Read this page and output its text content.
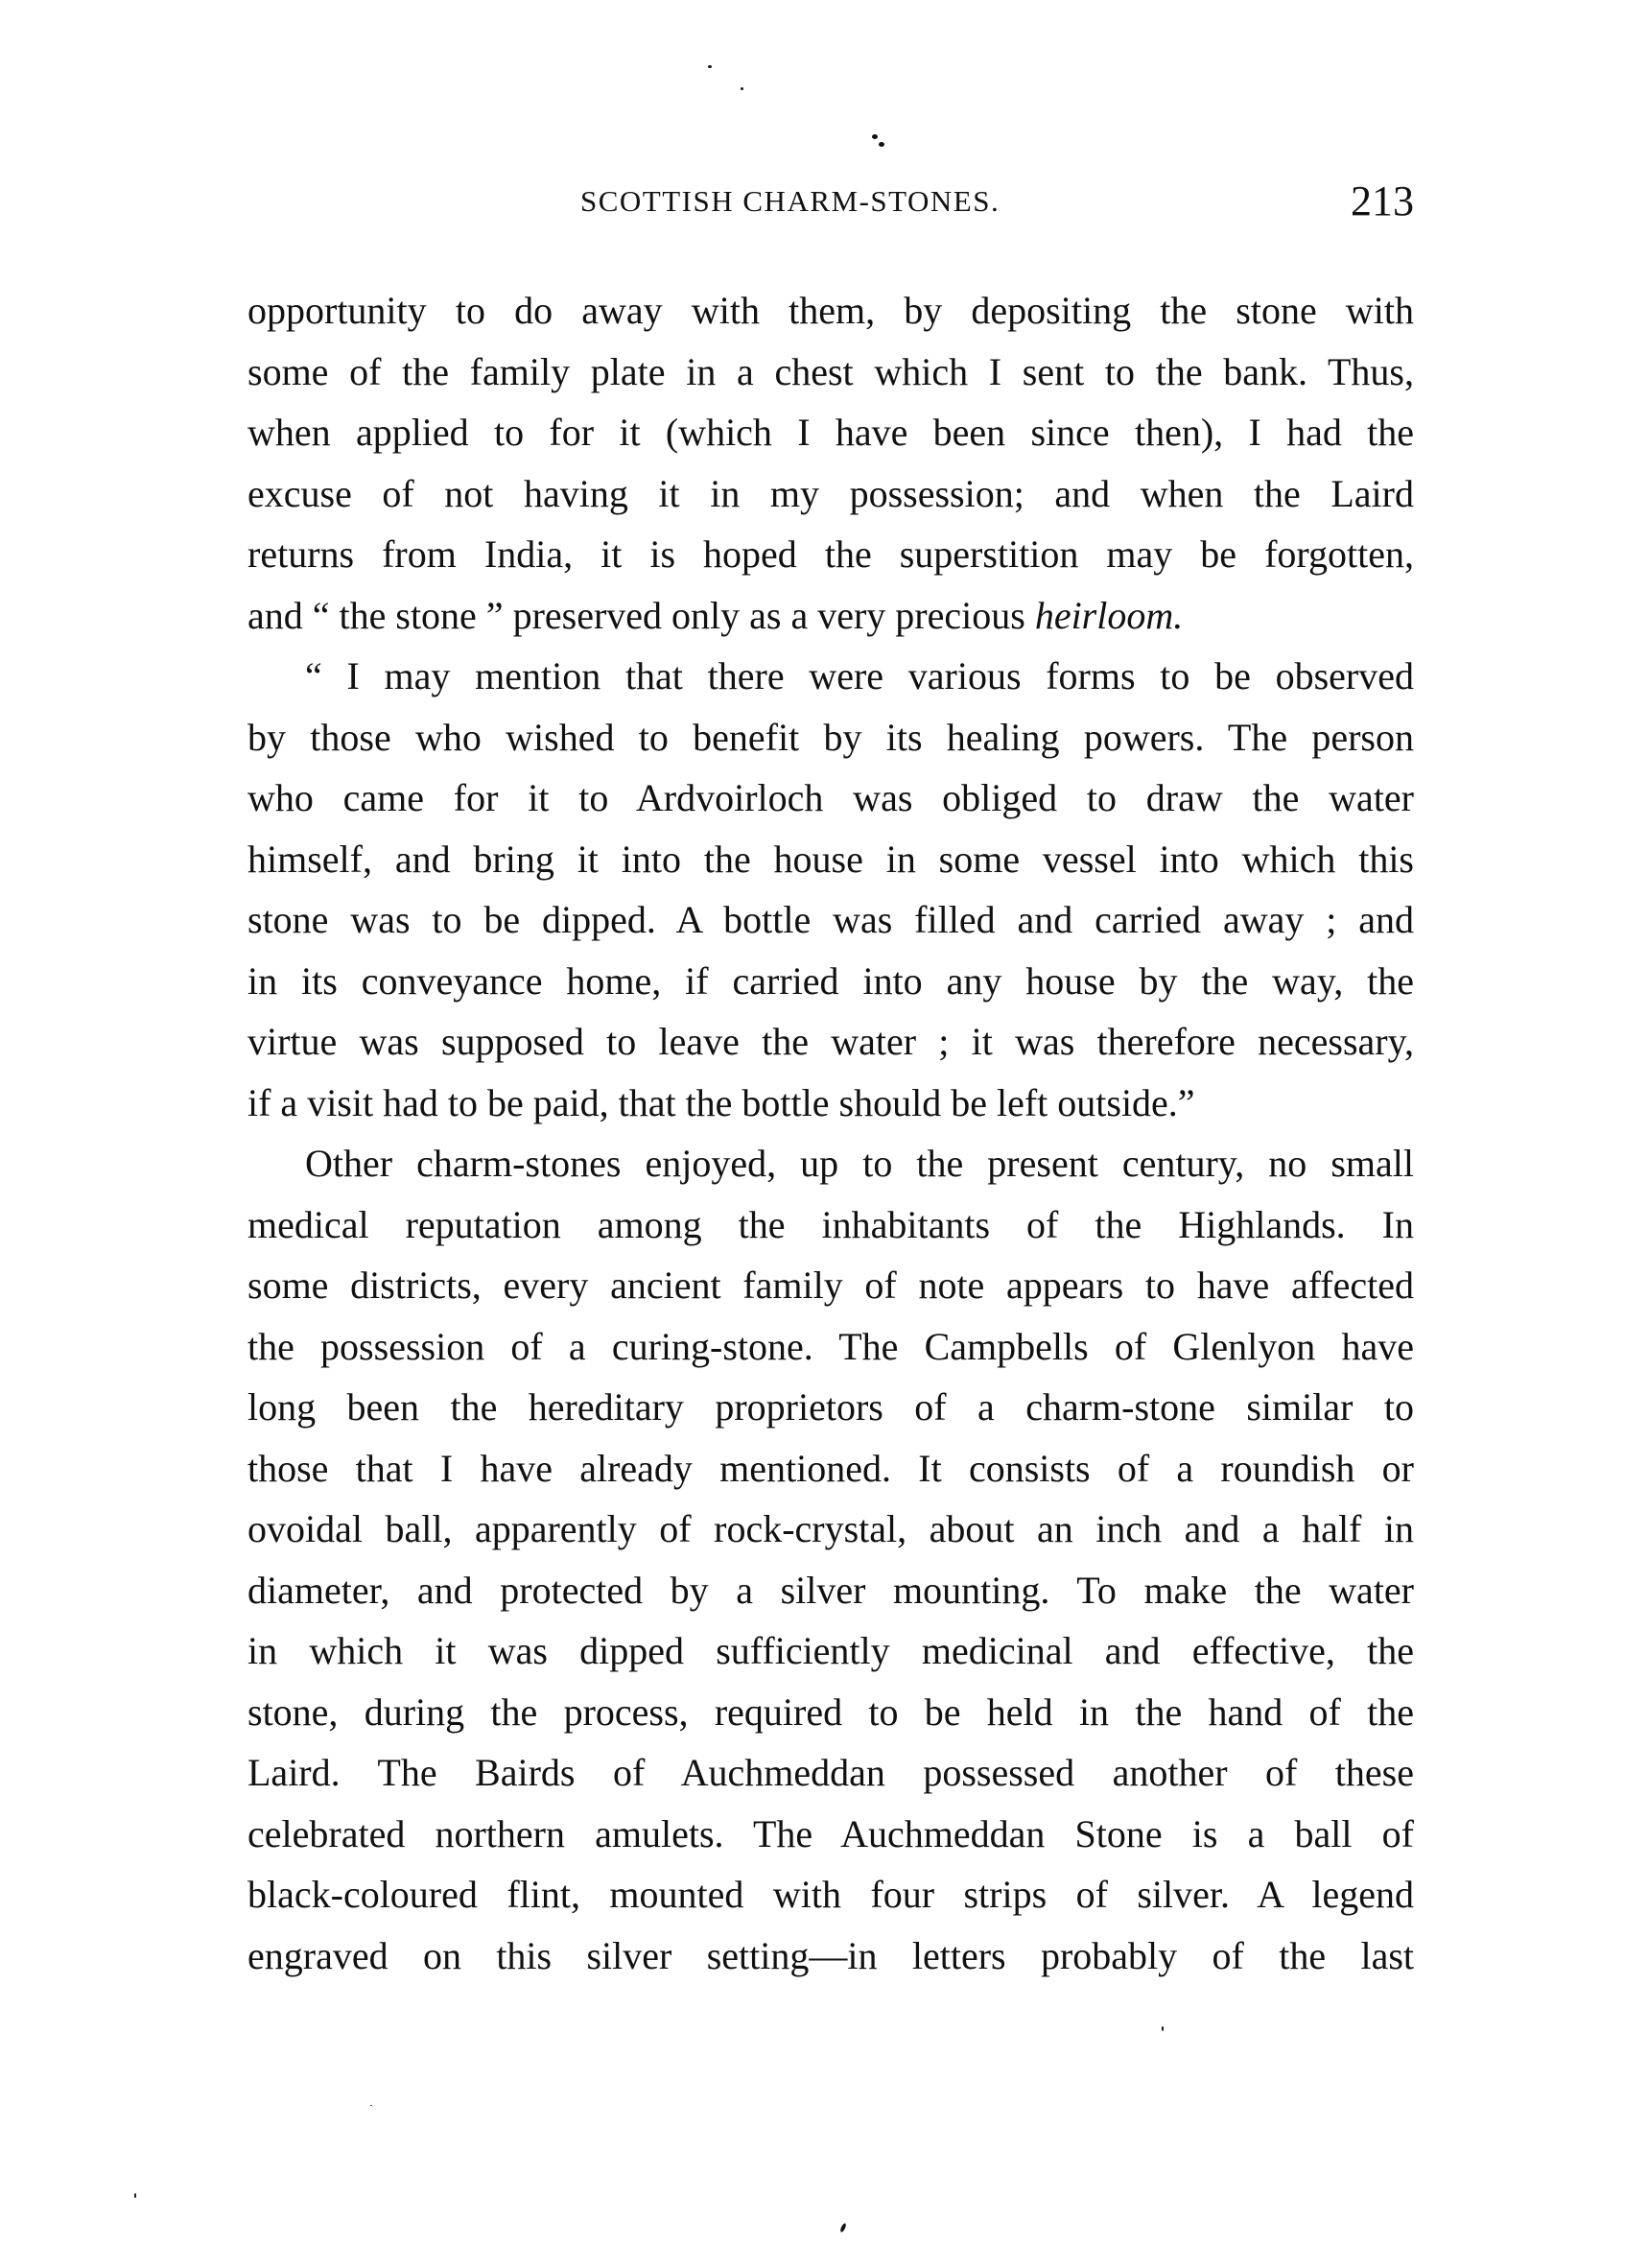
SCOTTISH CHARM-STONES.	213
opportunity to do away with them, by depositing the stone with
some of the family plate in a chest which I sent to the bank. Thus,
when applied to for it (which I have been since then), I had the
excuse of not having it in my possession; and when the Laird
returns from India, it is hoped the superstition may be forgotten,
and “ the stone ” preserved only as a very precious heirloom.
“ I may mention that there were various forms to be observed
by those who wished to benefit by its healing powers. The person
who came for it to Ardvoirloch was obliged to draw the water
himself, and bring it into the house in some vessel into which this
stone was to be dipped. A bottle was filled and carried away ; and
in its conveyance home, if carried into any house by the way, the
virtue was supposed to leave the water ; it was therefore necessary,
if a visit had to be paid, that the bottle should be left outside.”
Other charm-stones enjoyed, up to the present century, no small
medical reputation among the inhabitants of the Highlands. In
some districts, every ancient family of note appears to have affected
the possession of a curing-stone. The Campbells of Glenlyon have
long been the hereditary proprietors of a charm-stone similar to
those that I have already mentioned. It consists of a roundish or
ovoidal ball, apparently of rock-crystal, about an inch and a half in
diameter, and protected by a silver mounting. To make the water
in which it was dipped sufficiently medicinal and effective, the
stone, during the process, required to be held in the hand of the
Laird. The Bairds of Auchmeddan possessed another of these
celebrated northern amulets. The Auchmeddan Stone is a ball of
black-coloured flint, mounted with four strips of silver. A legend
engraved on this silver setting—in letters probably of the last
